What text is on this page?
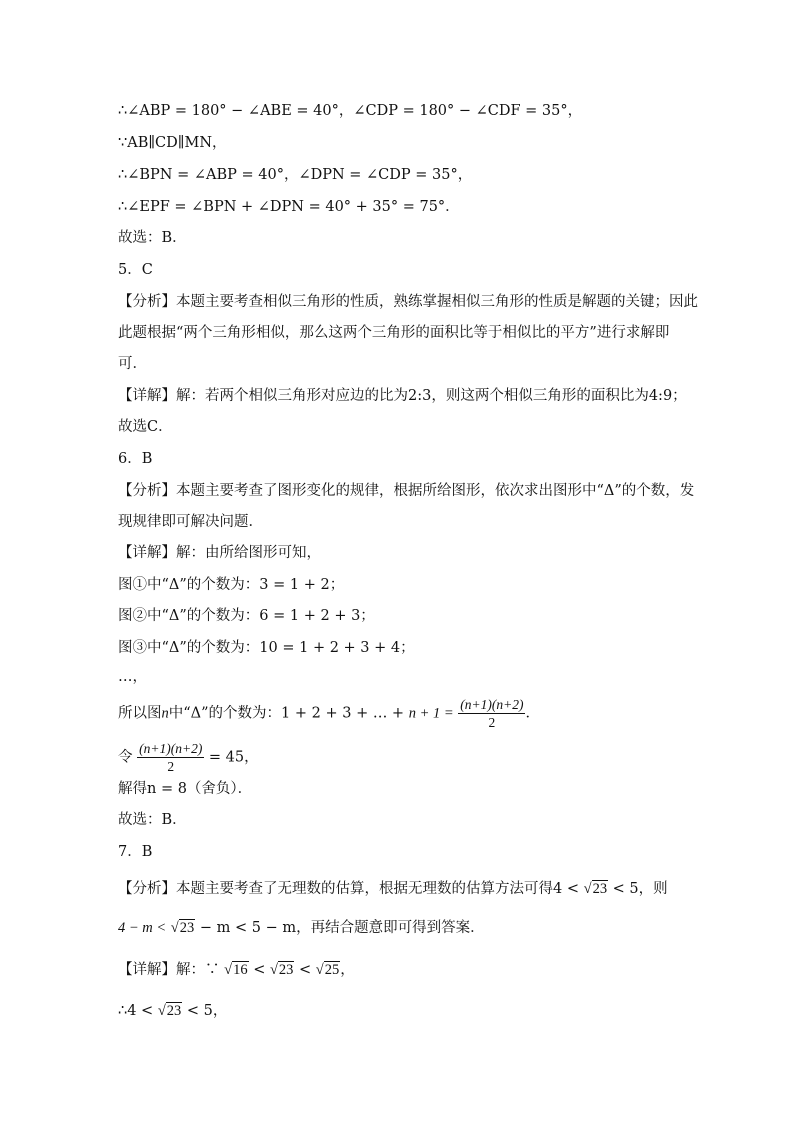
∴∠ABP = 180° − ∠ABE = 40°，∠CDP = 180° − ∠CDF = 35°，
∵AB∥CD∥MN，
∴∠BPN = ∠ABP = 40°，∠DPN = ∠CDP = 35°，
∴∠EPF = ∠BPN + ∠DPN = 40° + 35° = 75°．
故选：B．
5．C
【分析】本题主要考查相似三角形的性质，熟练掌握相似三角形的性质是解题的关键；因此
此题根据“两个三角形相似，那么这两个三角形的面积比等于相似比的平方”进行求解即
可．
【详解】解：若两个相似三角形对应边的比为2:3，则这两个相似三角形的面积比为4:9；
故选C．
6．B
【分析】本题主要考查了图形变化的规律，根据所给图形，依次求出图形中“Δ”的个数，发
现规律即可解决问题．
【详解】解：由所给图形可知，
图①中“Δ”的个数为：3 = 1 + 2；
图②中“Δ”的个数为：6 = 1 + 2 + 3；
图③中“Δ”的个数为：10 = 1 + 2 + 3 + 4；
…，
所以图n中“Δ”的个数为：1 + 2 + 3 + … + $n + 1 = \frac{(n+1)(n+2)}{2}$ ．
令 $\frac{(n+1)(n+2)}{2} = 45$，
解得n = 8（舍负）．
故选：B．
7．B
【分析】本题主要考查了无理数的估算，根据无理数的估算方法可得4 < √23 < 5，则
4 − m < √23 − m < 5 − m，再结合题意即可得到答案．
【详解】解：∵ √16 < √23 < √25，
∴4 < √23 < 5，
